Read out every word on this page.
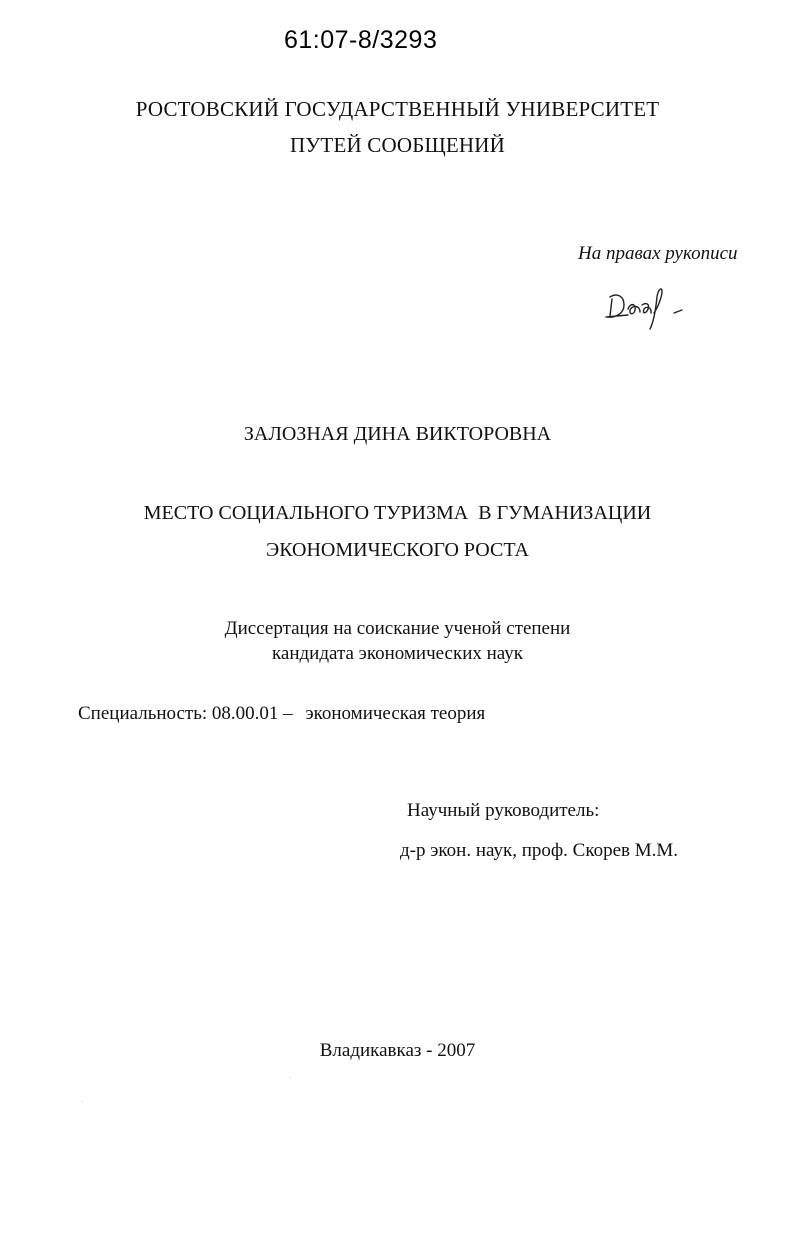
61:07-8/3293
РОСТОВСКИЙ ГОСУДАРСТВЕННЫЙ УНИВЕРСИТЕТ
ПУТЕЙ СООБЩЕНИЙ
На правах рукописи
ЗАЛОЗНАЯ ДИНА ВИКТОРОВНА
МЕСТО СОЦИАЛЬНОГО ТУРИЗМА  В ГУМАНИЗАЦИИ
ЭКОНОМИЧЕСКОГО РОСТА
Диссертация на соискание ученой степени
кандидата экономических наук
Специальность: 08.00.01 – экономическая теория
Научный руководитель:
д-р экон. наук, проф. Скорев М.М.
Владикавказ - 2007
